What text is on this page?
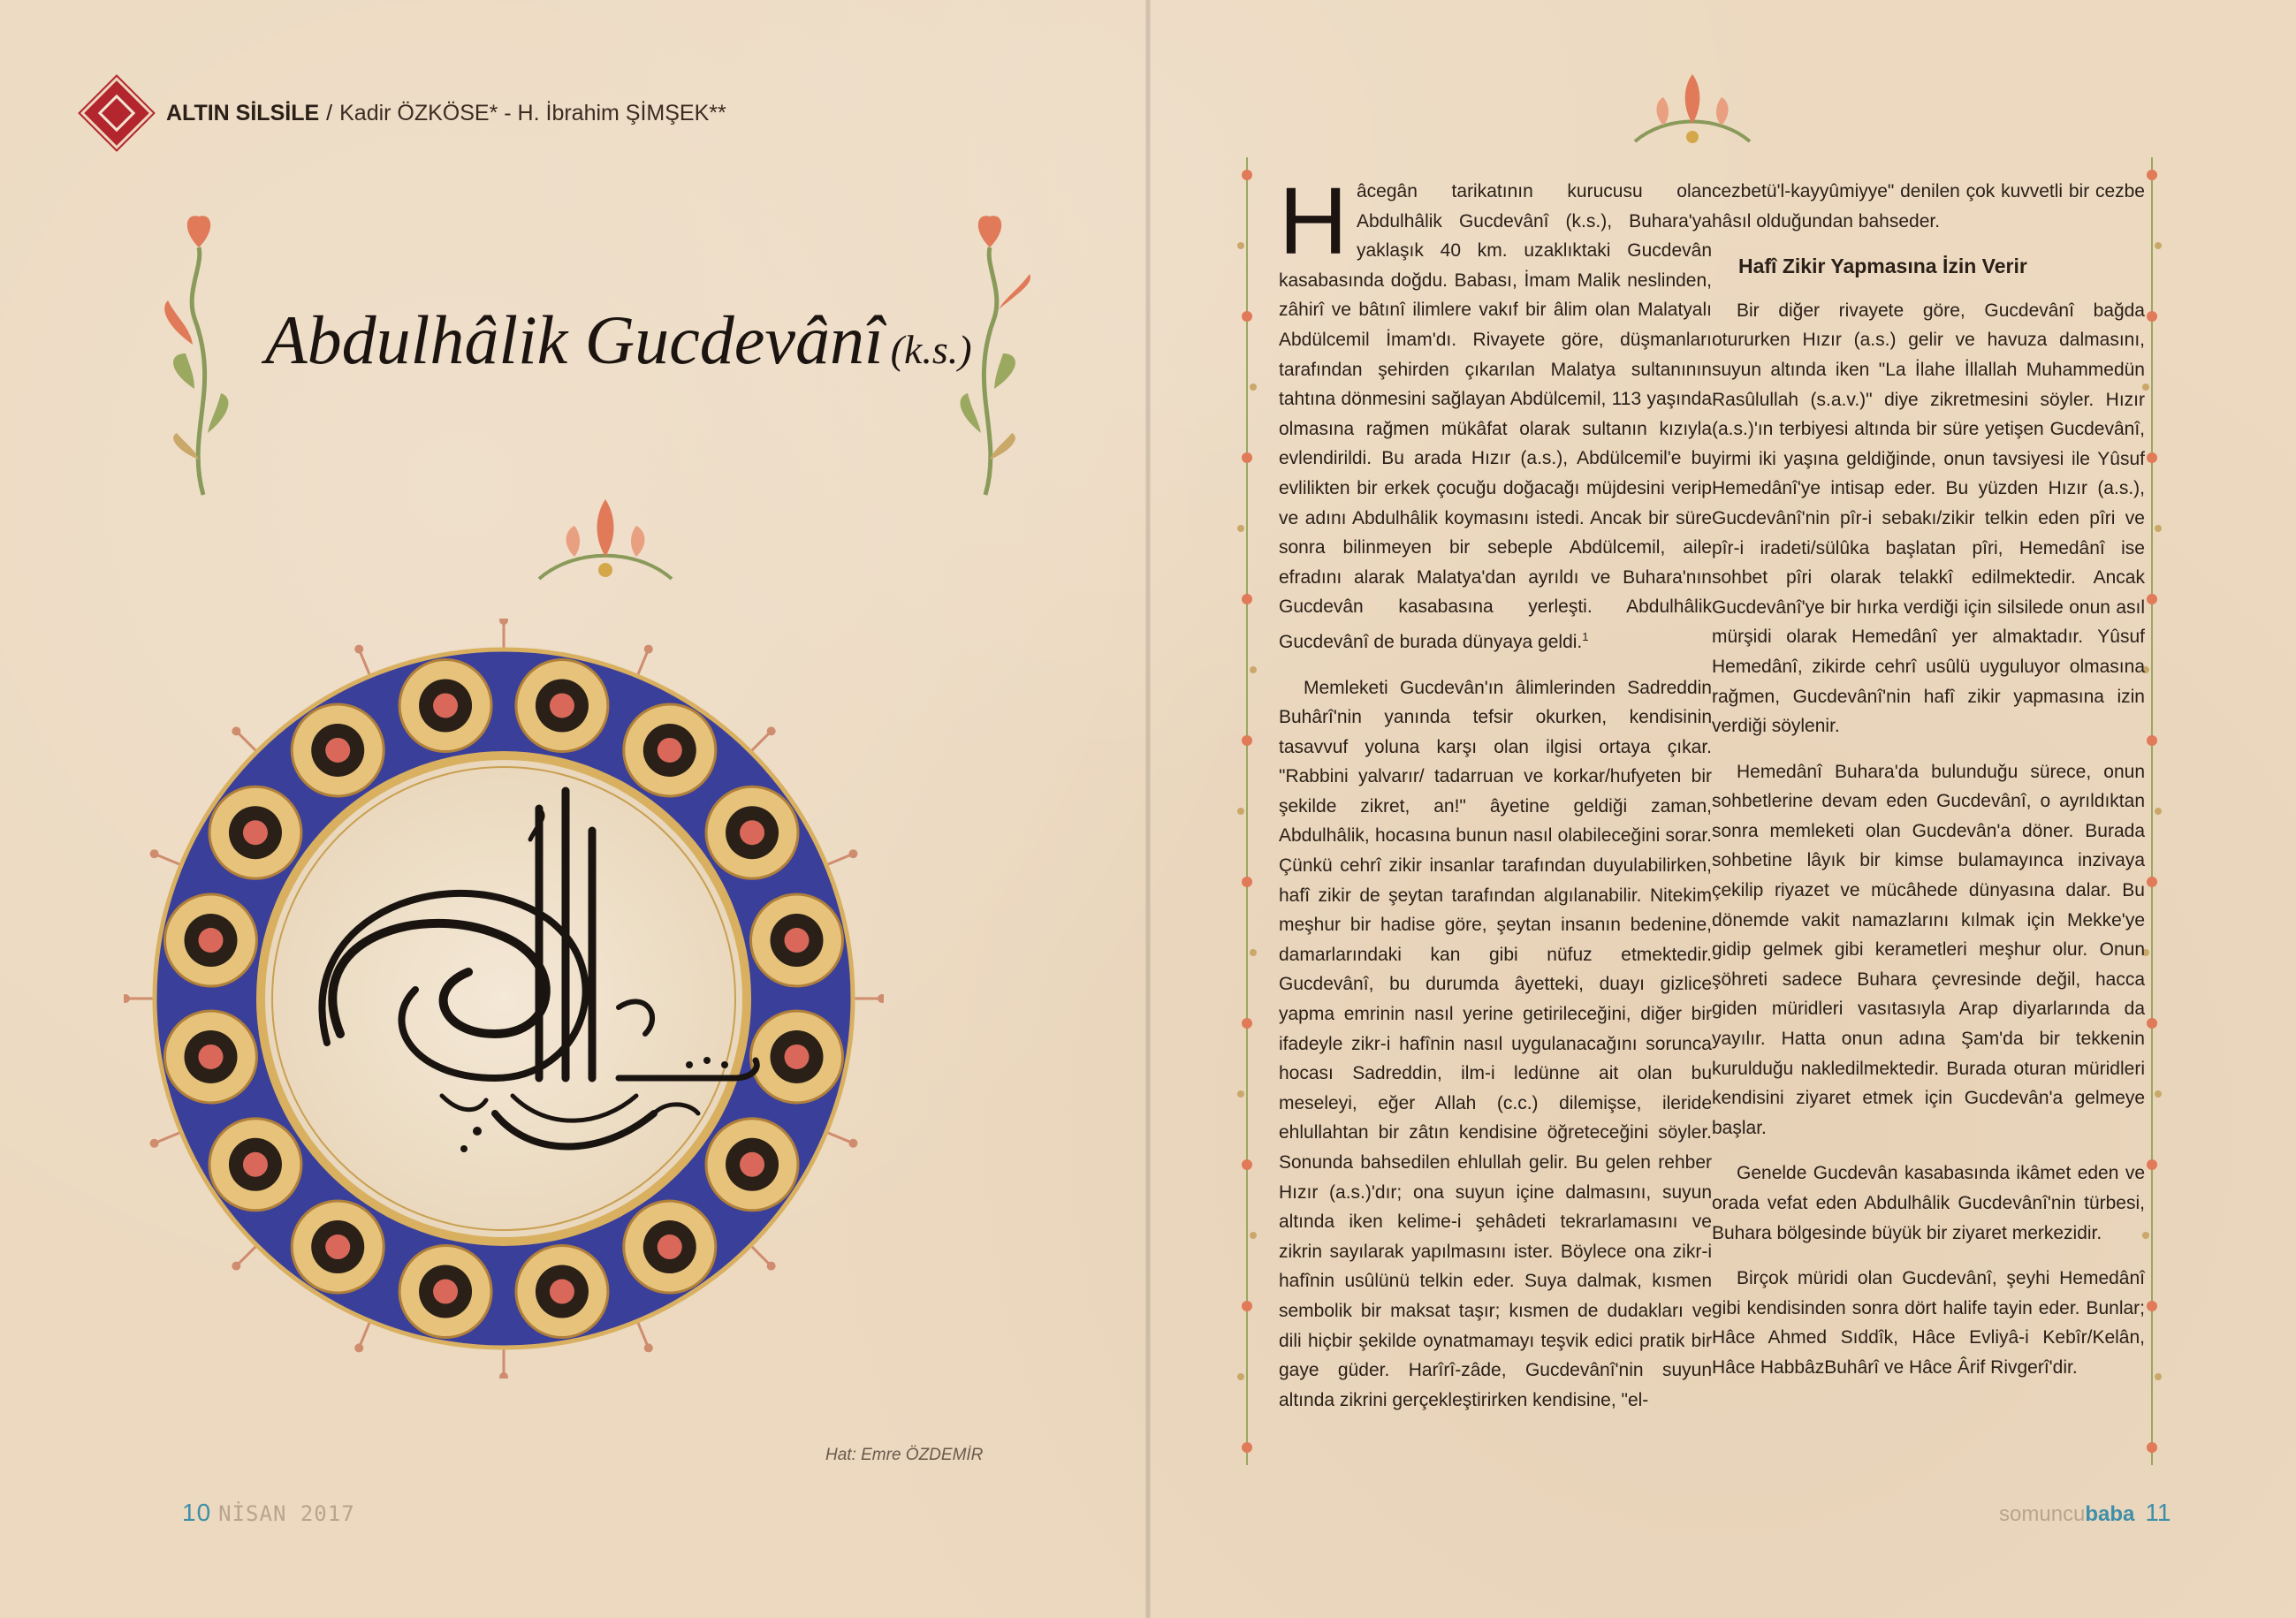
ALTIN SİLSİLE / Kadir ÖZKÖSE* - H. İbrahim ŞİMŞEK**
Abdulhâlik Gucdevânî (k.s.)
Hat: Emre ÖZDEMİR
10 NİSAN 2017	somuncubaba 11

Hâcegân tarikatının kurucusu olan Abdulhâlik Gucdevânî (k.s.), Buhara'ya yaklaşık 40 km. uzaklıktaki Gucdevân kasabasında doğdu. Babası, İmam Malik neslinden, zâhirî ve bâtınî ilimlere vakıf bir âlim olan Malatyalı Abdülcemil İmam'dı. Rivayete göre, düşmanları tarafından şehirden çıkarılan Malatya sultanının tahtına dönmesini sağlayan Abdülcemil, 113 yaşında olmasına rağmen mükâfat olarak sultanın kızıyla evlendirildi. Bu arada Hızır (a.s.), Abdülcemil'e bu evlilikten bir erkek çocuğu doğacağı müjdesini verip ve adını Abdulhâlik koymasını istedi. Ancak bir süre sonra bilinmeyen bir sebeple Abdülcemil, aile efradını alarak Malatya'dan ayrıldı ve Buhara'nın Gucdevân kasabasına yerleşti. Abdulhâlik Gucdevânî de burada dünyaya geldi.$^1$

Memleketi Gucdevân'ın âlimlerinden Sadreddin Buhârî'nin yanında tefsir okurken, kendisinin tasavvuf yoluna karşı olan ilgisi ortaya çıkar. "Rabbini yalvarır/ tadarruan ve korkar/hufyeten bir şekilde zikret, an!" âyetine geldiği zaman, Abdulhâlik, hocasına bunun nasıl olabileceğini sorar. Çünkü cehrî zikir insanlar tarafından duyulabilirken, hafî zikir de şeytan tarafından algılanabilir. Nitekim meşhur bir hadise göre, şeytan insanın bedenine, damarlarındaki kan gibi nüfuz etmektedir. Gucdevânî, bu durumda âyetteki, duayı gizlice yapma emrinin nasıl yerine getirileceğini, diğer bir ifadeyle zikr-i hafînin nasıl uygulanacağını sorunca hocası Sadreddin, ilm-i ledünne ait olan bu meseleyi, eğer Allah (c.c.) dilemişse, ileride ehlullahtan bir zâtın kendisine öğreteceğini söyler. Sonunda bahsedilen ehlullah gelir. Bu gelen rehber Hızır (a.s.)'dır; ona suyun içine dalmasını, suyun altında iken kelime-i şehâdeti tekrarlamasını ve zikrin sayılarak yapılmasını ister. Böylece ona zikr-i hafînin usûlünü telkin eder. Suya dalmak, kısmen sembolik bir maksat taşır; kısmen de dudakları ve dili hiçbir şekilde oynatmamayı teşvik edici pratik bir gaye güder. Harîrî-zâde, Gucdevânî'nin suyun altında zikrini gerçekleştirirken kendisine, "el-

cezbetü'l-kayyûmiyye" denilen çok kuvvetli bir cezbe hâsıl olduğundan bahseder.

Hafî Zikir Yapmasına İzin Verir

Bir diğer rivayete göre, Gucdevânî bağda otururken Hızır (a.s.) gelir ve havuza dalmasını, suyun altında iken "La İlahe İllallah Muhammedün Rasûlullah (s.a.v.)" diye zikretmesini söyler. Hızır (a.s.)'ın terbiyesi altında bir süre yetişen Gucdevânî, yirmi iki yaşına geldiğinde, onun tavsiyesi ile Yûsuf Hemedânî'ye intisap eder. Bu yüzden Hızır (a.s.), Gucdevânî'nin pîr-i sebakı/zikir telkin eden pîri ve pîr-i iradeti/sülûka başlatan pîri, Hemedânî ise sohbet pîri olarak telakkî edilmektedir. Ancak Gucdevânî'ye bir hırka verdiği için silsilede onun asıl mürşidi olarak Hemedânî yer almaktadır. Yûsuf Hemedânî, zikirde cehrî usûlü uyguluyor olmasına rağmen, Gucdevânî'nin hafî zikir yapmasına izin verdiği söylenir.

Hemedânî Buhara'da bulunduğu sürece, onun sohbetlerine devam eden Gucdevânî, o ayrıldıktan sonra memleketi olan Gucdevân'a döner. Burada sohbetine lâyık bir kimse bulamayınca inzivaya çekilip riyazet ve mücâhede dünyasına dalar. Bu dönemde vakit namazlarını kılmak için Mekke'ye gidip gelmek gibi kerametleri meşhur olur. Onun şöhreti sadece Buhara çevresinde değil, hacca giden müridleri vasıtasıyla Arap diyarlarında da yayılır. Hatta onun adına Şam'da bir tekkenin kurulduğu nakledilmektedir. Burada oturan müridleri kendisini ziyaret etmek için Gucdevân'a gelmeye başlar.

Genelde Gucdevân kasabasında ikâmet eden ve orada vefat eden Abdulhâlik Gucdevânî'nin türbesi, Buhara bölgesinde büyük bir ziyaret merkezidir.

Birçok müridi olan Gucdevânî, şeyhi Hemedânî gibi kendisinden sonra dört halife tayin eder. Bunlar; Hâce Ahmed Sıddîk, Hâce Evliyâ-i Kebîr/Kelân, Hâce HabbâzBuhârî ve Hâce Ârif Rivgerî'dir.
